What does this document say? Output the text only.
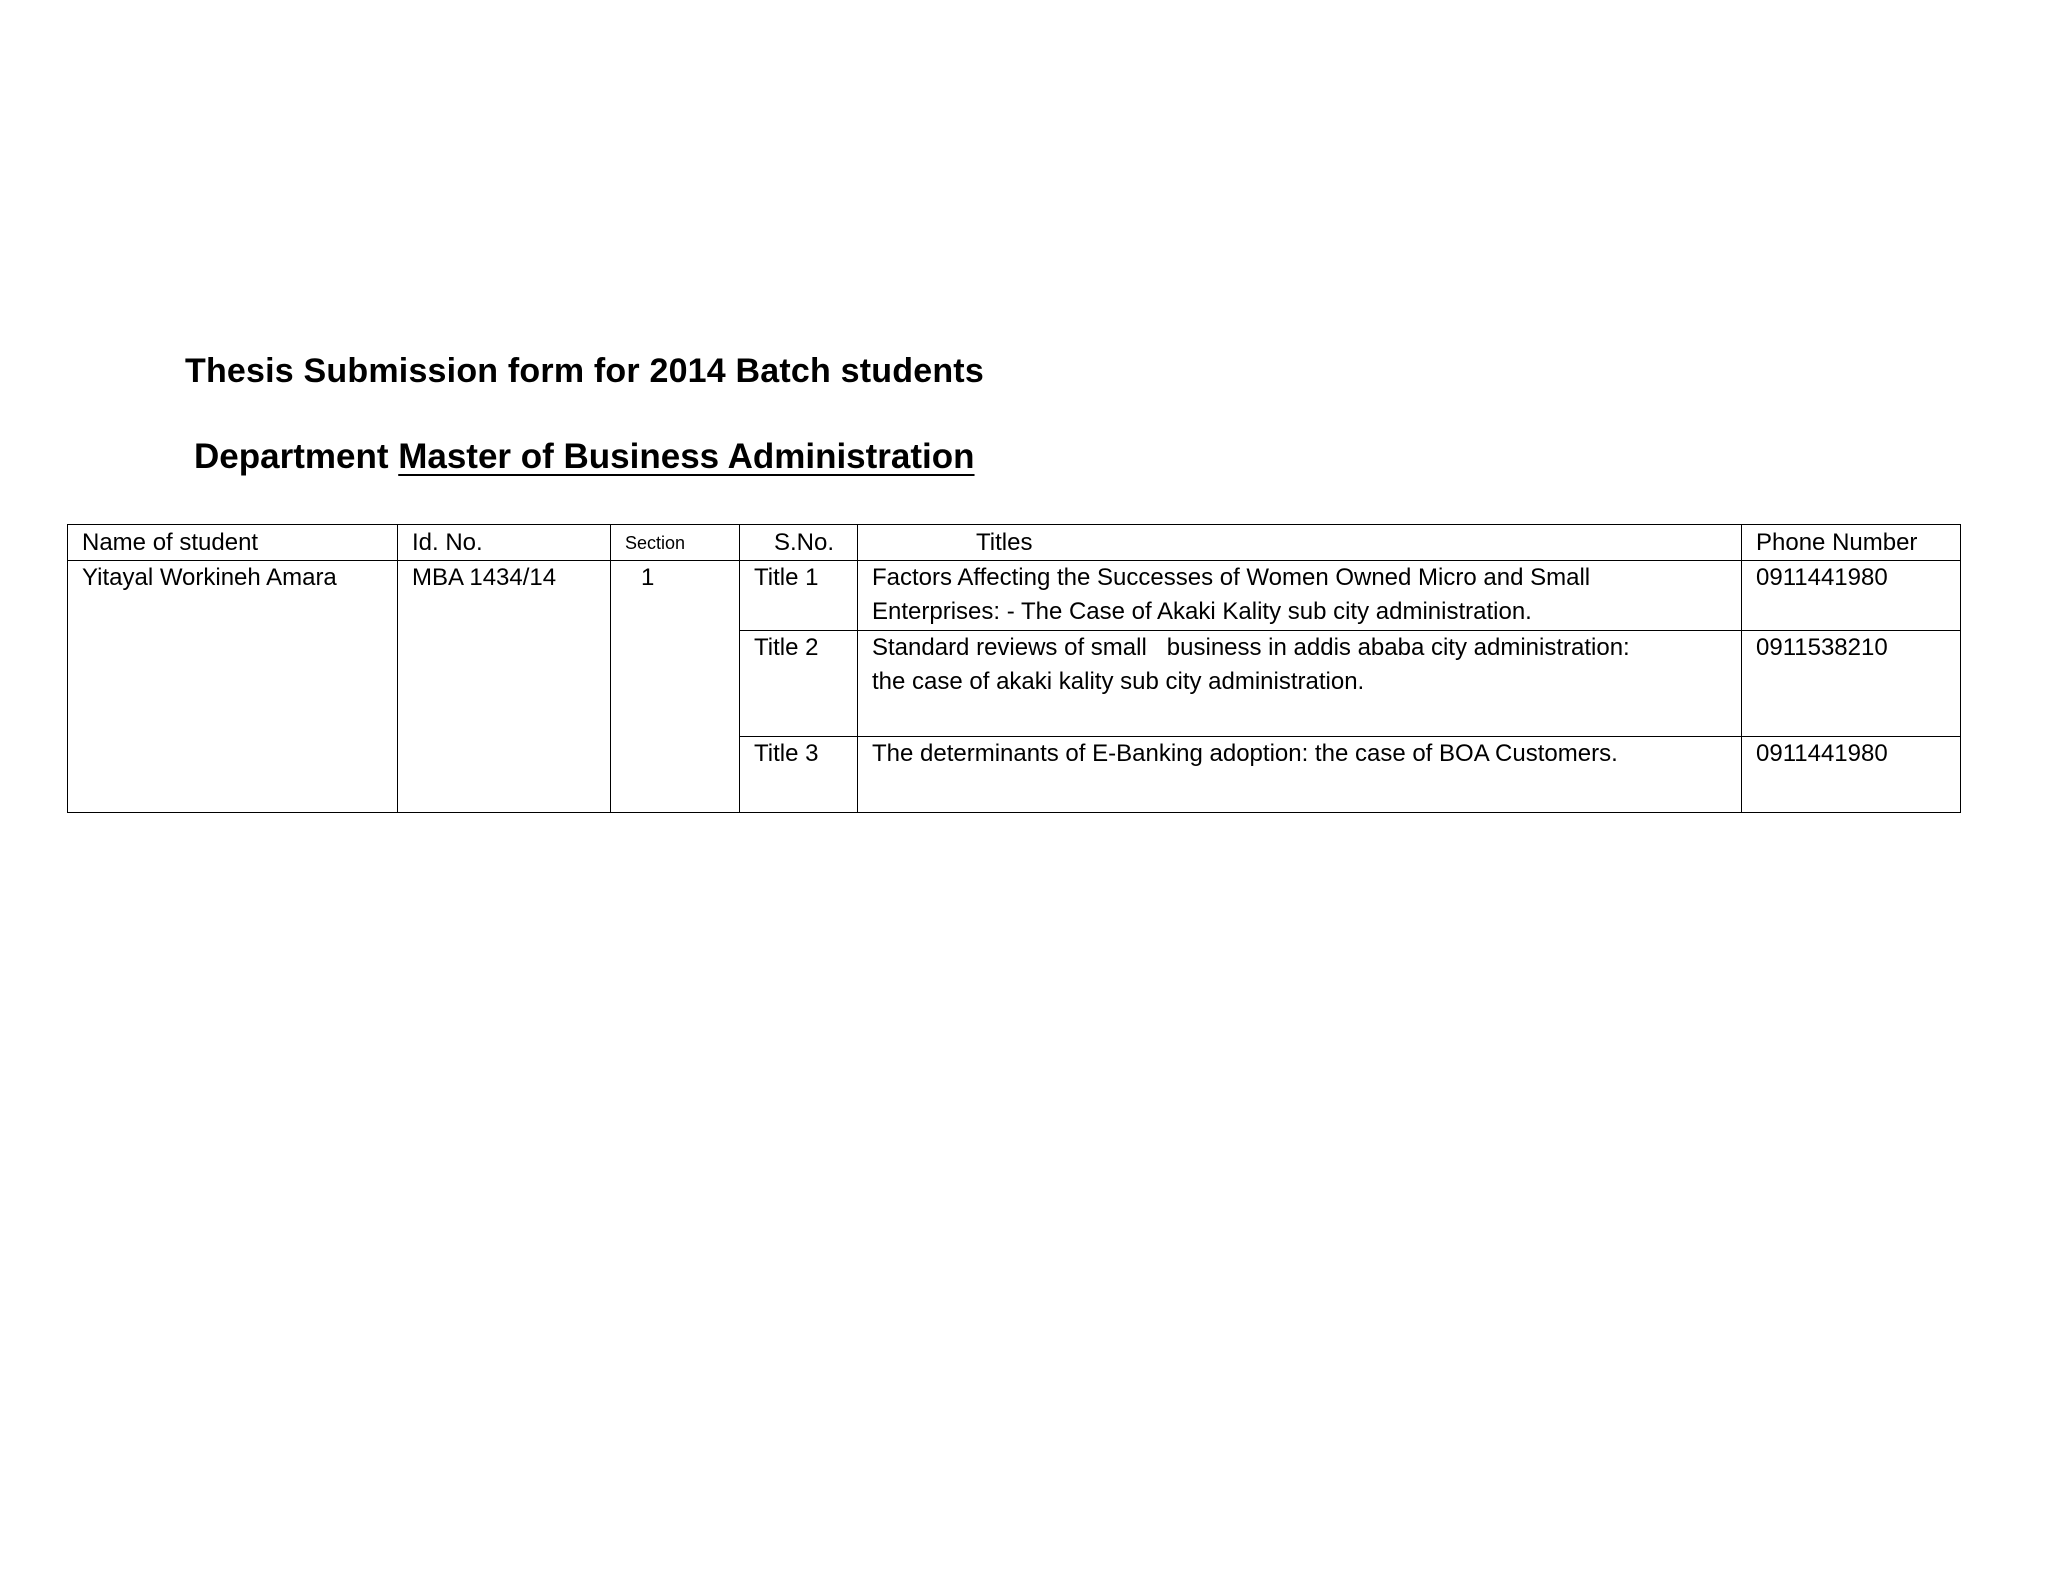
Thesis Submission form for 2014 Batch students
Department Master of Business Administration
Name of student	Id. No.	Section	S.No.	Titles	Phone Number
Yitayal Workineh Amara	MBA 1434/14	1	Title 1	Factors Affecting the Successes of Women Owned Micro and Small
Enterprises: - The Case of Akaki Kality sub city administration.	0911441980
			Title 2	Standard reviews of small   business in addis ababa city administration:
the case of akaki kality sub city administration.	0911538210
			Title 3	The determinants of E-Banking adoption: the case of BOA Customers.	0911441980
